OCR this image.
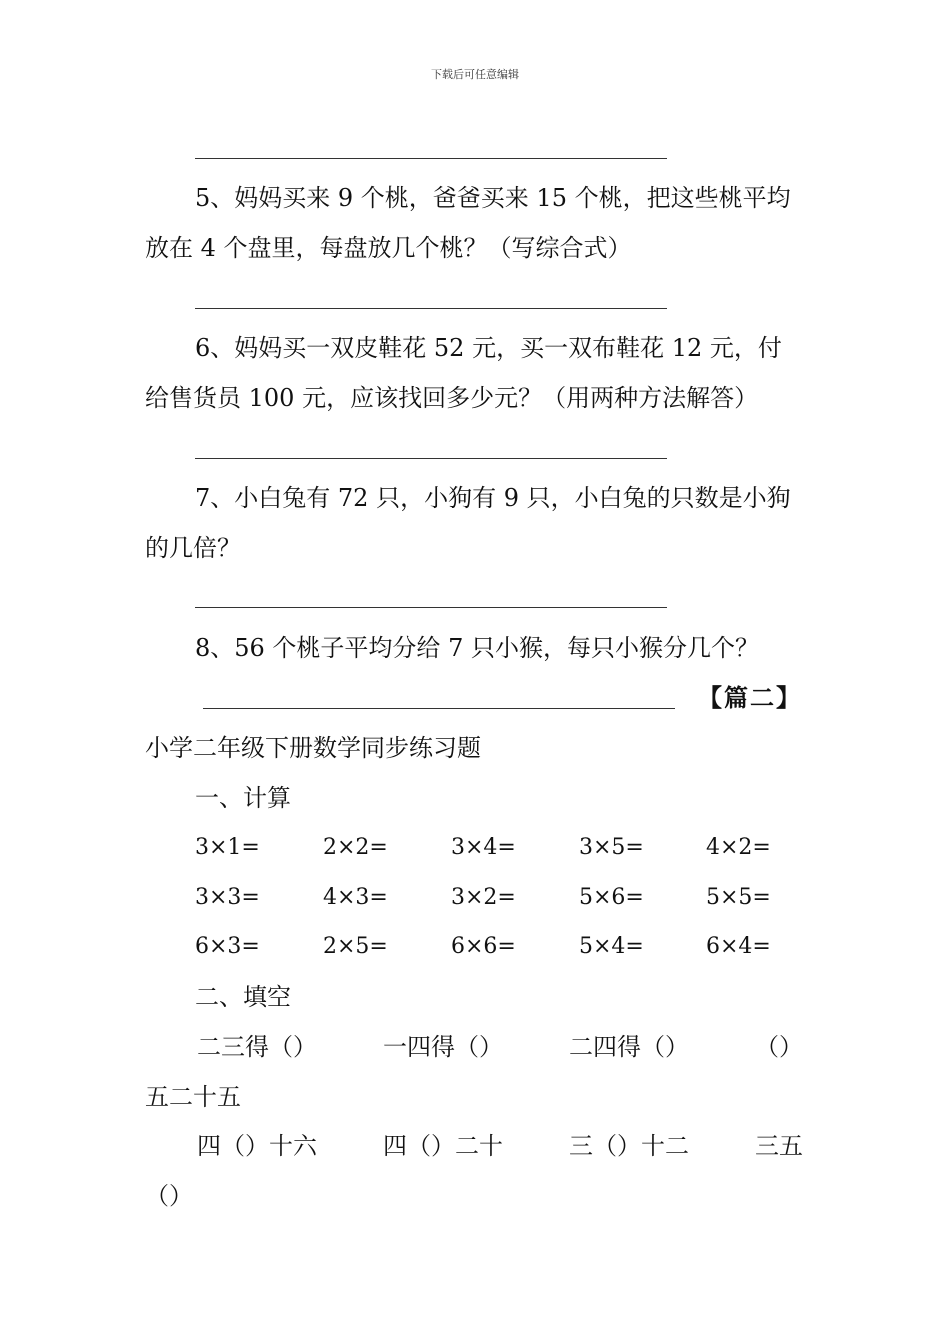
下载后可任意编辑
5、妈妈买来 9 个桃，爸爸买来 15 个桃，把这些桃平均
放在 4 个盘里，每盘放几个桃？（写综合式）
6、妈妈买一双皮鞋花 52 元，买一双布鞋花 12 元，付
给售货员 100 元，应该找回多少元？（用两种方法解答）
7、小白兔有 72 只，小狗有 9 只，小白兔的只数是小狗
的几倍？
8、56 个桃子平均分给 7 只小猴，每只小猴分几个？
【篇二】
小学二年级下册数学同步练习题
一、计算
3×1=	2×2=	3×4=	3×5=	4×2=
3×3=	4×3=	3×2=	5×6=	5×5=
6×3=	2×5=	6×6=	5×4=	6×4=
二、填空
二三得（）	一四得（）	二四得（）	（）
五二十五
四（）十六	四（）二十	三（）十二	三五
（）
